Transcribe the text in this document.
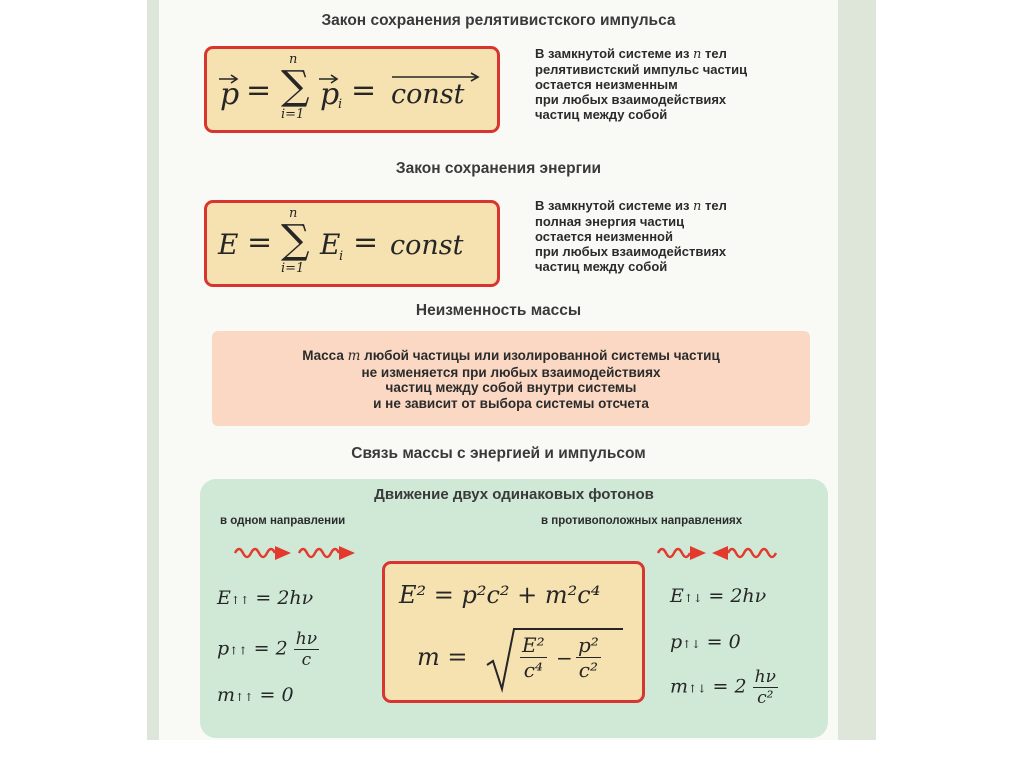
Закон сохранения релятивистского импульса
p =
n
∑
i=1
p
i = const
В замкнутой системе из n тел
релятивистский импульс частиц
остается неизменным
при любых взаимодействиях
частиц между собой
Закон сохранения энергии
E =
n
∑
i=1
E
i = const
В замкнутой системе из n тел
полная энергия частиц
остается неизменной
при любых взаимодействиях
частиц между собой
Неизменность массы
Масса m любой частицы или изолированной системы частиц
не изменяется при любых взаимодействиях
частиц между собой внутри системы
и не зависит от выбора системы отсчета
Связь массы с энергией и импульсом
Движение двух одинаковых фотонов
в одном направлении	в противоположных направлениях
E↑↑ = 2hν
p↑↑ = $2 \frac{h\nu}{c}$
m↑↑ = 0
E² = p²c² + m²c⁴
m =	$\frac{\text{E²}}{\text{c⁴}} - \frac{\text{p²}}{\text{c²}}$
E↑↓ = 2hν
p↑↓ = 0
m↑↓ = $2 \frac{h\nu}{\text{c²}}$
